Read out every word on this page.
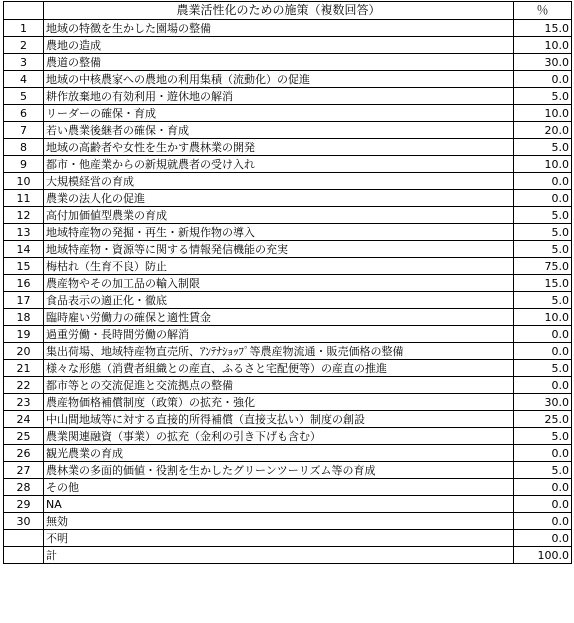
	農業活性化のための施策（複数回答）	％
1	地域の特徴を生かした園場の整備	15.0
2	農地の造成	10.0
3	農道の整備	30.0
4	地域の中核農家への農地の利用集積（流動化）の促進	0.0
5	耕作放棄地の有効利用・遊休地の解消	5.0
6	リーダーの確保・育成	10.0
7	若い農業後継者の確保・育成	20.0
8	地域の高齢者や女性を生かす農林業の開発	5.0
9	都市・他産業からの新規就農者の受け入れ	10.0
10	大規模経営の育成	0.0
11	農業の法人化の促進	0.0
12	高付加価値型農業の育成	5.0
13	地域特産物の発掘・再生・新規作物の導入	5.0
14	地域特産物・資源等に関する情報発信機能の充実	5.0
15	梅枯れ（生育不良）防止	75.0
16	農産物やその加工品の輸入制限	15.0
17	食品表示の適正化・徹底	5.0
18	臨時雇い労働力の確保と適性賃金	10.0
19	過重労働・長時間労働の解消	0.0
20	集出荷場、地域特産物直売所、ｱﾝﾃﾅｼｮｯﾌﾟ等農産物流通・販売価格の整備	0.0
21	様々な形態（消費者組織との産直、ふるさと宅配便等）の産直の推進	5.0
22	都市等との交流促進と交流拠点の整備	0.0
23	農産物価格補償制度（政策）の拡充・強化	30.0
24	中山間地域等に対する直接的所得補償（直接支払い）制度の創設	25.0
25	農業関連融資（事業）の拡充（金利の引き下げも含む）	5.0
26	観光農業の育成	0.0
27	農林業の多面的価値・役割を生かしたグリーンツーリズム等の育成	5.0
28	その他	0.0
29	NA	0.0
30	無効	0.0
	不明	0.0
	計	100.0
